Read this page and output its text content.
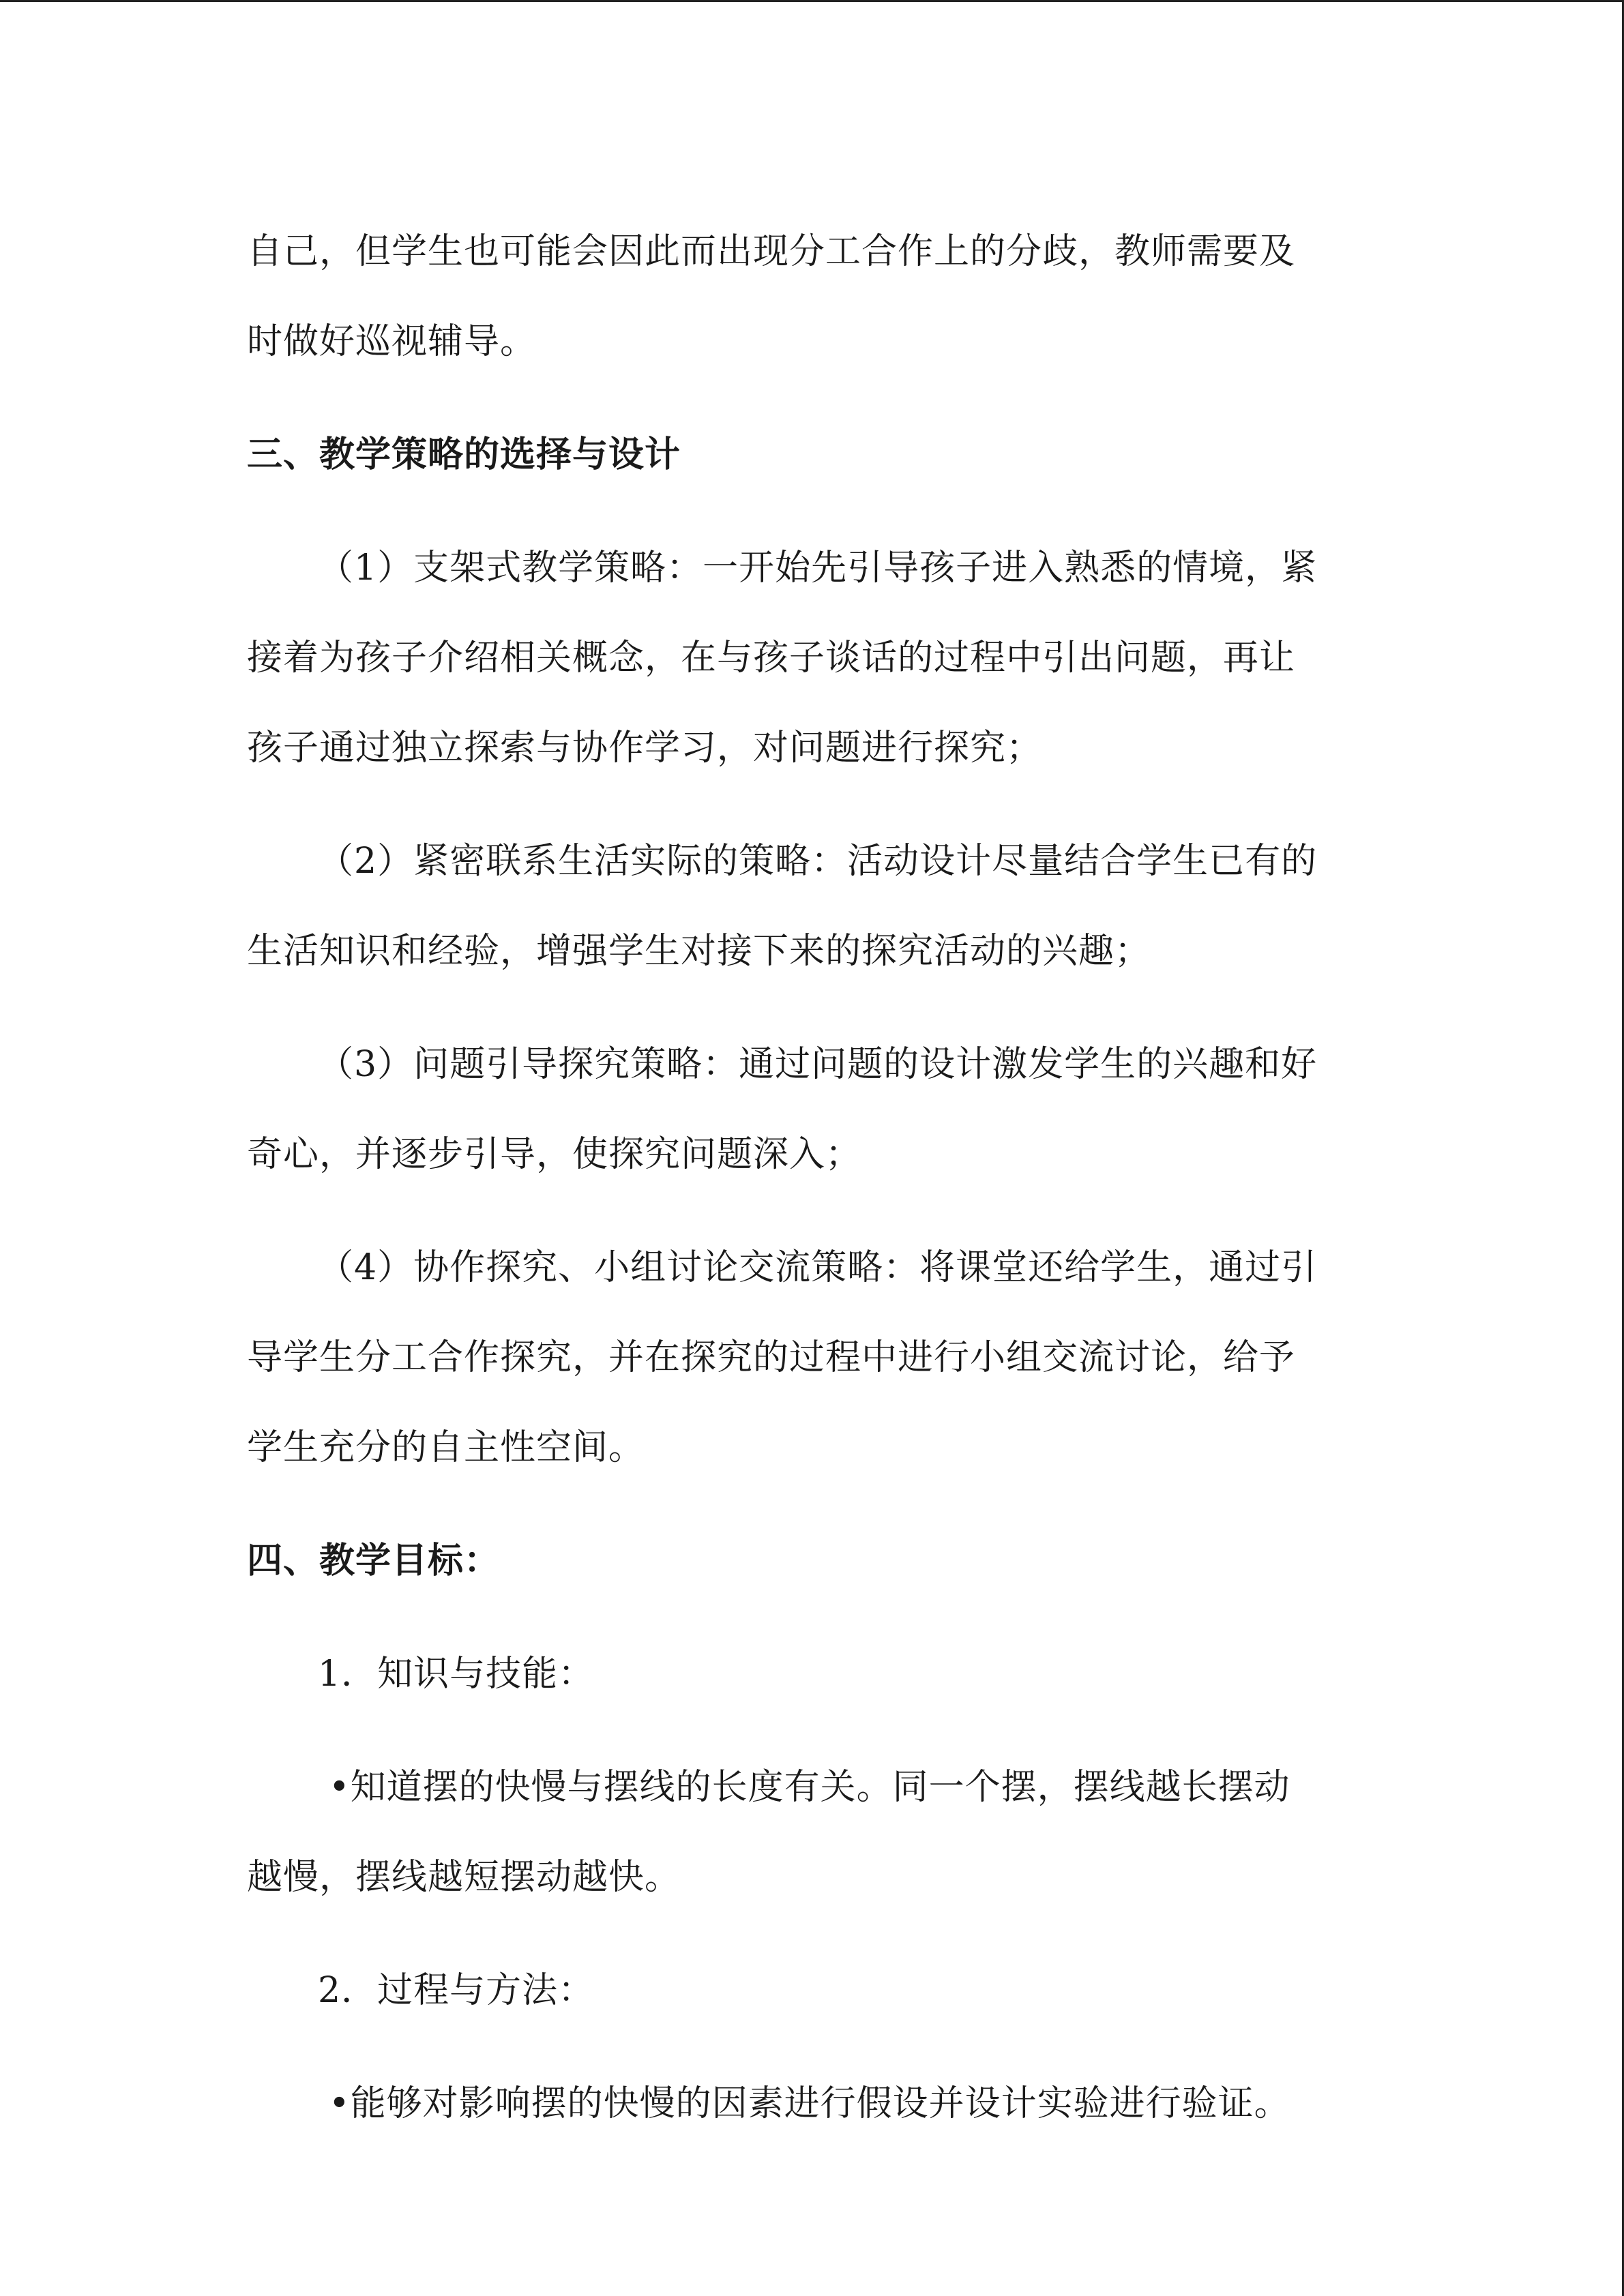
自己，但学生也可能会因此而出现分工合作上的分歧，教师需要及
时做好巡视辅导。
三、教学策略的选择与设计
（1）支架式教学策略：一开始先引导孩子进入熟悉的情境，紧
接着为孩子介绍相关概念，在与孩子谈话的过程中引出问题，再让
孩子通过独立探索与协作学习，对问题进行探究；
（2）紧密联系生活实际的策略：活动设计尽量结合学生已有的
生活知识和经验，增强学生对接下来的探究活动的兴趣；
（3）问题引导探究策略：通过问题的设计激发学生的兴趣和好
奇心，并逐步引导，使探究问题深入；
（4）协作探究、小组讨论交流策略：将课堂还给学生，通过引
导学生分工合作探究，并在探究的过程中进行小组交流讨论，给予
学生充分的自主性空间。
四、教学目标：
1．知识与技能：
•知道摆的快慢与摆线的长度有关。同一个摆，摆线越长摆动
越慢，摆线越短摆动越快。
2．过程与方法：
•能够对影响摆的快慢的因素进行假设并设计实验进行验证。
